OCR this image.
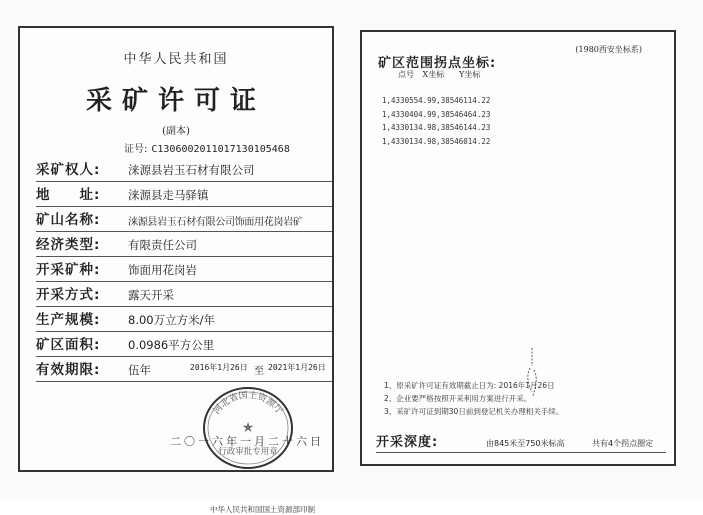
中华人民共和国
采矿许可证
(副本)
证号: C1306002011017130105468
采矿权人: 涞源县岩玉石材有限公司
地　　址: 涞源县走马驿镇
矿山名称:	涞源县岩玉石材有限公司饰面用花岗岩矿
经济类型: 有限责任公司
开采矿种: 饰面用花岗岩
开采方式: 露天开采
生产规模: 8.00万立方米/年
矿区面积: 0.0986平方公里
有效期限: 伍年	2016年1月26日 至 2021年1月26日
二〇一六年一月二十六日
河北省国土资源厅
★
行政审批专用章
中华人民共和国国土资源部印制
(1980西安坐标系)
矿区范围拐点坐标:
点号 X坐标 Y坐标
1,4330554.99,38546114.22
1,4330404.99,38546464.23
1,4330134.98,38546144.23
1,4330134.98,38546014.22
1、原采矿许可证有效期截止日为: 2016年1月26日
2、企业要严格按照开采利用方案进行开采。
3、采矿许可证到期30日前到登记机关办理相关手续。
开采深度:	由845米至750米标高	共有4个拐点圈定
